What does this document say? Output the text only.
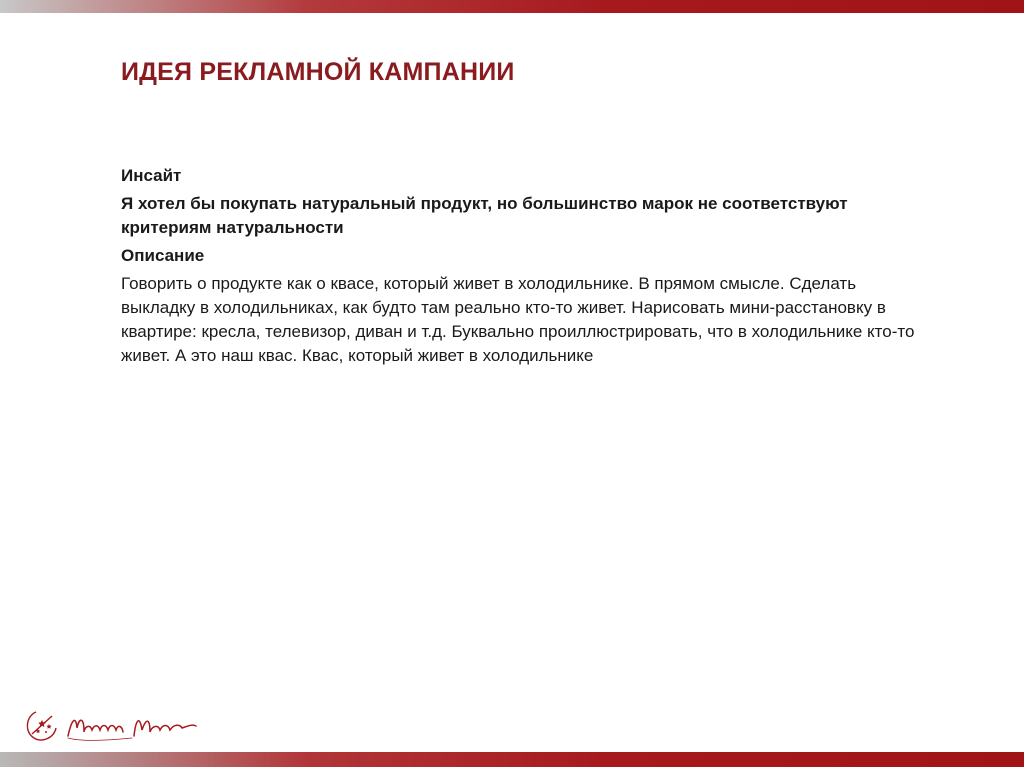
ИДЕЯ РЕКЛАМНОЙ КАМПАНИИ
Инсайт
Я хотел бы покупать натуральный продукт, но большинство марок не соответствуют критериям натуральности
Описание
Говорить о продукте как о квасе, который живет в холодильнике. В прямом смысле. Сделать выкладку в холодильниках, как будто там реально кто-то живет. Нарисовать мини-расстановку в квартире: кресла, телевизор, диван и т.д. Буквально проиллюстрировать, что в холодильнике кто-то живет. А это наш квас. Квас, который живет в холодильнике
